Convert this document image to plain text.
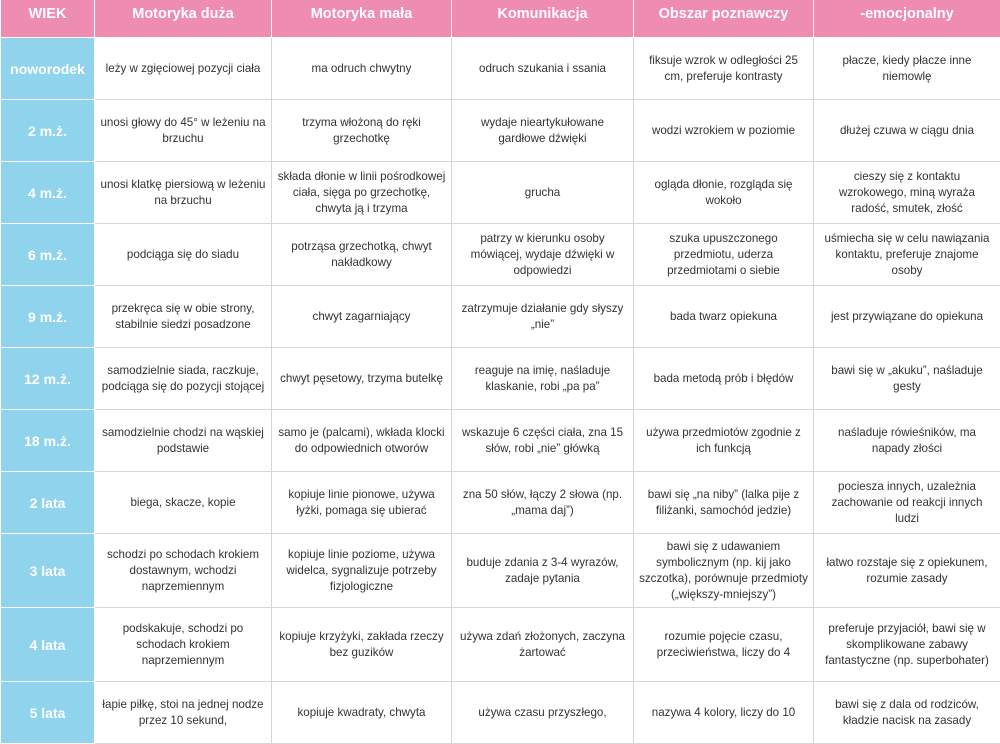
WIEK	Motoryka duża	Motoryka mała	Komunikacja	Obszar poznawczy	-emocjonalny
noworodek	leży w zgięciowej pozycji ciała	ma odruch chwytny	odruch szukania i ssania	fiksuje wzrok w odległości 25 cm, preferuje kontrasty	płacze, kiedy płacze inne niemowlę
2 m.ż.	unosi głowy do 45° w leżeniu na brzuchu	trzyma włożoną do ręki grzechotkę	wydaje nieartykułowane gardłowe dźwięki	wodzi wzrokiem w poziomie	dłużej czuwa w ciągu dnia
4 m.ż.	unosi klatkę piersiową w leżeniu na brzuchu	składa dłonie w linii pośrodkowej ciała, sięga po grzechotkę, chwyta ją i trzyma	grucha	ogląda dłonie, rozgląda się wokoło	cieszy się z kontaktu wzrokowego, miną wyraża radość, smutek, złość
6 m.ż.	podciąga się do siadu	potrząsa grzechotką, chwyt nakładkowy	patrzy w kierunku osoby mówiącej, wydaje dźwięki w odpowiedzi	szuka upuszczonego przedmiotu, uderza przedmiotami o siebie	uśmiecha się w celu nawiązania kontaktu, preferuje znajome osoby
9 m.ż.	przekręca się w obie strony, stabilnie siedzi posadzone	chwyt zagarniający	zatrzymuje działanie gdy słyszy „nie”	bada twarz opiekuna	jest przywiązane do opiekuna
12 m.ż.	samodzielnie siada, raczkuje, podciąga się do pozycji stojącej	chwyt pęsetowy, trzyma butelkę	reaguje na imię, naśladuje klaskanie, robi „pa pa”	bada metodą prób i błędów	bawi się w „akuku”, naśladuje gesty
18 m.ż.	samodzielnie chodzi na wąskiej podstawie	samo je (palcami), wkłada klocki do odpowiednich otworów	wskazuje 6 części ciała, zna 15 słów, robi „nie” główką	używa przedmiotów zgodnie z ich funkcją	naśladuje rówieśników, ma napady złości
2 lata	biega, skacze, kopie	kopiuje linie pionowe, używa łyżki, pomaga się ubierać	zna 50 słów, łączy 2 słowa (np. „mama daj”)	bawi się „na niby” (lalka pije z filiżanki, samochód jedzie)	pociesza innych, uzależnia zachowanie od reakcji innych ludzi
3 lata	schodzi po schodach krokiem dostawnym, wchodzi naprzemiennym	kopiuje linie poziome, używa widelca, sygnalizuje potrzeby fizjologiczne	buduje zdania z 3-4 wyrazów, zadaje pytania	bawi się z udawaniem symbolicznym (np. kij jako szczotka), porównuje przedmioty („większy-mniejszy”)	łatwo rozstaje się z opiekunem, rozumie zasady
4 lata	podskakuje, schodzi po schodach krokiem naprzemiennym	kopiuje krzyżyki, zakłada rzeczy bez guzików	używa zdań złożonych, zaczyna żartować	rozumie pojęcie czasu, przeciwieństwa, liczy do 4	preferuje przyjaciół, bawi się w skomplikowane zabawy fantastyczne (np. superbohater)
5 lata	łapie piłkę, stoi na jednej nodze przez 10 sekund,	kopiuje kwadraty, chwyta	używa czasu przyszłego,	nazywa 4 kolory, liczy do 10	bawi się z dala od rodziców, kładzie nacisk na zasady
